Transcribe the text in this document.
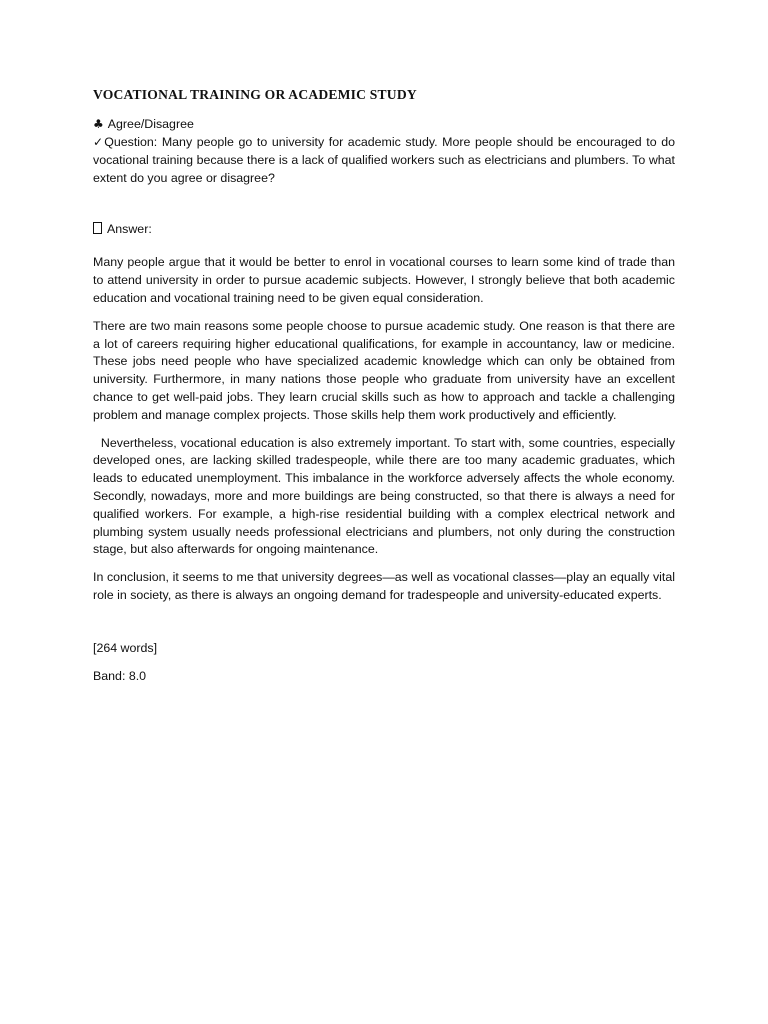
VOCATIONAL TRAINING OR ACADEMIC STUDY
♣ Agree/Disagree

✓Question: Many people go to university for academic study. More people should be encouraged to do vocational training because there is a lack of qualified workers such as electricians and plumbers. To what extent do you agree or disagree?

Answer:

Many people argue that it would be better to enrol in vocational courses to learn some kind of trade than to attend university in order to pursue academic subjects. However, I strongly believe that both academic education and vocational training need to be given equal consideration.

There are two main reasons some people choose to pursue academic study. One reason is that there are a lot of careers requiring higher educational qualifications, for example in accountancy, law or medicine. These jobs need people who have specialized academic knowledge which can only be obtained from university. Furthermore, in many nations those people who graduate from university have an excellent chance to get well-paid jobs. They learn crucial skills such as how to approach and tackle a challenging problem and manage complex projects. Those skills help them work productively and efficiently.

Nevertheless, vocational education is also extremely important. To start with, some countries, especially developed ones, are lacking skilled tradespeople, while there are too many academic graduates, which leads to educated unemployment. This imbalance in the workforce adversely affects the whole economy. Secondly, nowadays, more and more buildings are being constructed, so that there is always a need for qualified workers. For example, a high-rise residential building with a complex electrical network and plumbing system usually needs professional electricians and plumbers, not only during the construction stage, but also afterwards for ongoing maintenance.

In conclusion, it seems to me that university degrees—as well as vocational classes—play an equally vital role in society, as there is always an ongoing demand for tradespeople and university-educated experts.

[264 words]
Band: 8.0
